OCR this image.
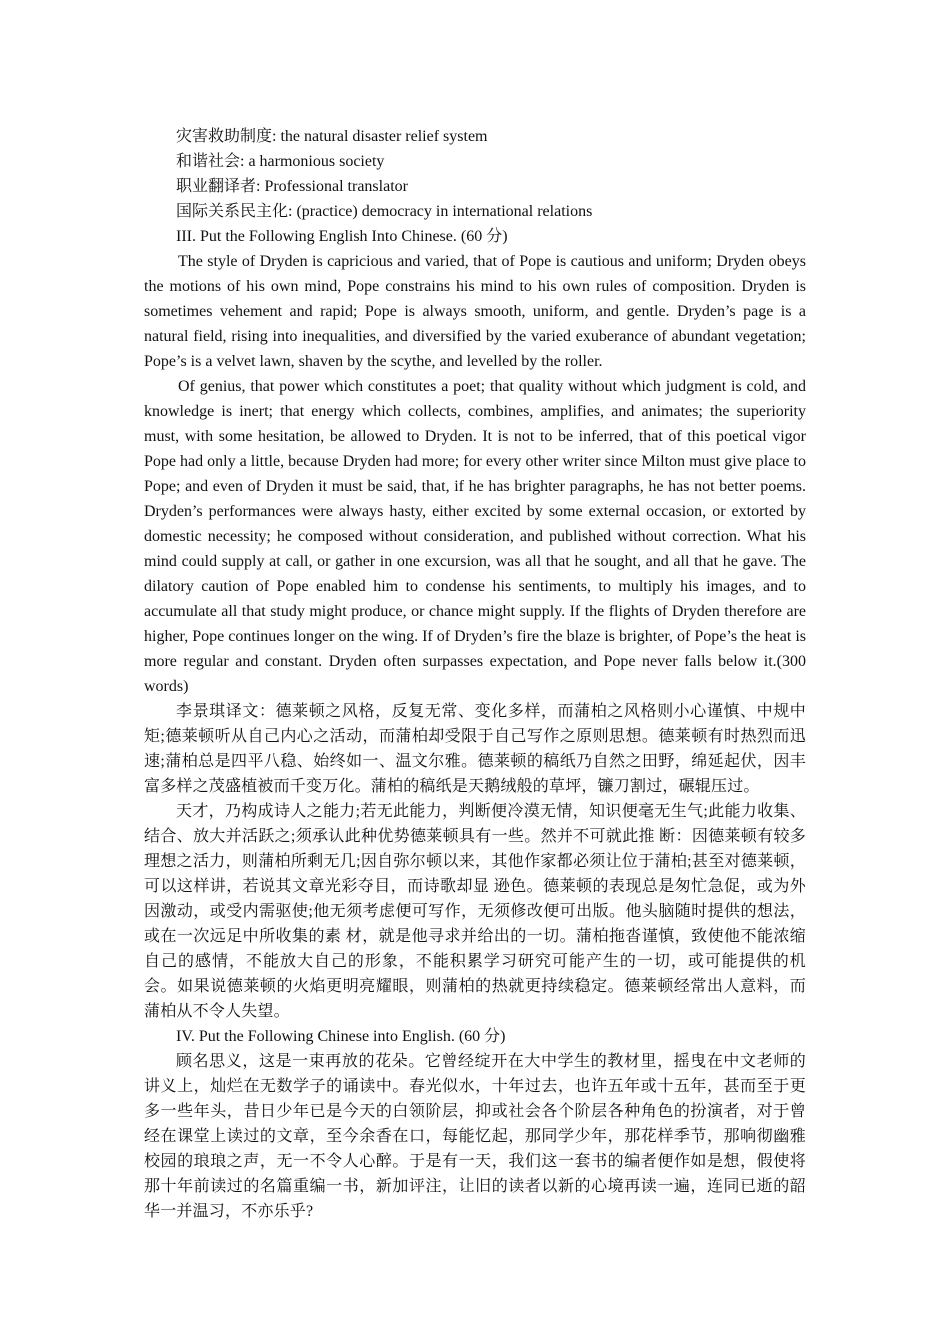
灾害救助制度: the natural disaster relief system

和谐社会: a harmonious society

职业翻译者: Professional translator

国际关系民主化: (practice) democracy in international relations

III. Put the Following English Into Chinese. (60 分)

The style of Dryden is capricious and varied, that of Pope is cautious and uniform; Dryden obeys the motions of his own mind, Pope constrains his mind to his own rules of composition. Dryden is sometimes vehement and rapid; Pope is always smooth, uniform, and gentle. Dryden’s page is a natural field, rising into inequalities, and diversified by the varied exuberance of abundant vegetation; Pope’s is a velvet lawn, shaven by the scythe, and levelled by the roller.

Of genius, that power which constitutes a poet; that quality without which judgment is cold, and knowledge is inert; that energy which collects, combines, amplifies, and animates; the superiority must, with some hesitation, be allowed to Dryden. It is not to be inferred, that of this poetical vigor Pope had only a little, because Dryden had more; for every other writer since Milton must give place to Pope; and even of Dryden it must be said, that, if he has brighter paragraphs, he has not better poems. Dryden’s performances were always hasty, either excited by some external occasion, or extorted by domestic necessity; he composed without consideration, and published without correction. What his mind could supply at call, or gather in one excursion, was all that he sought, and all that he gave. The dilatory caution of Pope enabled him to condense his sentiments, to multiply his images, and to accumulate all that study might produce, or chance might supply. If the flights of Dryden therefore are higher, Pope continues longer on the wing. If of Dryden’s fire the blaze is brighter, of Pope’s the heat is more regular and constant. Dryden often surpasses expectation, and Pope never falls below it.(300 words)

李景琪译文：德莱顿之风格，反复无常、变化多样，而蒲柏之风格则小心谨慎、中规中矩;德莱顿听从自己内心之活动，而蒲柏却受限于自己写作之原则思想。德莱顿有时热烈而迅 速;蒲柏总是四平八稳、始终如一、温文尔雅。德莱顿的稿纸乃自然之田野，绵延起伏，因丰富多样之茂盛植被而千变万化。蒲柏的稿纸是天鹅绒般的草坪，镰刀割过，碾辊压过。

天才，乃构成诗人之能力;若无此能力，判断便冷漠无情，知识便毫无生气;此能力收集、结合、放大并活跃之;须承认此种优势德莱顿具有一些。然并不可就此推 断：因德莱顿有较多理想之活力，则蒲柏所剩无几;因自弥尔顿以来，其他作家都必须让位于蒲柏;甚至对德莱顿，可以这样讲，若说其文章光彩夺目，而诗歌却显 逊色。德莱顿的表现总是匆忙急促，或为外因激动，或受内需驱使;他无须考虑便可写作，无须修改便可出版。他头脑随时提供的想法，或在一次远足中所收集的素 材，就是他寻求并给出的一切。蒲柏拖沓谨慎，致使他不能浓缩自己的感情，不能放大自己的形象，不能积累学习研究可能产生的一切，或可能提供的机会。如果说德莱顿的火焰更明亮耀眼，则蒲柏的热就更持续稳定。德莱顿经常出人意料，而蒲柏从不令人失望。

IV. Put the Following Chinese into English. (60 分)

顾名思义，这是一束再放的花朵。它曾经绽开在大中学生的教材里，摇曳在中文老师的讲义上，灿烂在无数学子的诵读中。春光似水，十年过去，也许五年或十五年，甚而至于更多一些年头，昔日少年已是今天的白领阶层，抑或社会各个阶层各种角色的扮演者，对于曾经在课堂上读过的文章，至今余香在口，每能忆起，那同学少年，那花样季节，那响彻幽雅校园的琅琅之声，无一不令人心醉。于是有一天，我们这一套书的编者便作如是想，假使将那十年前读过的名篇重编一书，新加评注，让旧的读者以新的心境再读一遍，连同已逝的韶华一并温习，不亦乐乎?
